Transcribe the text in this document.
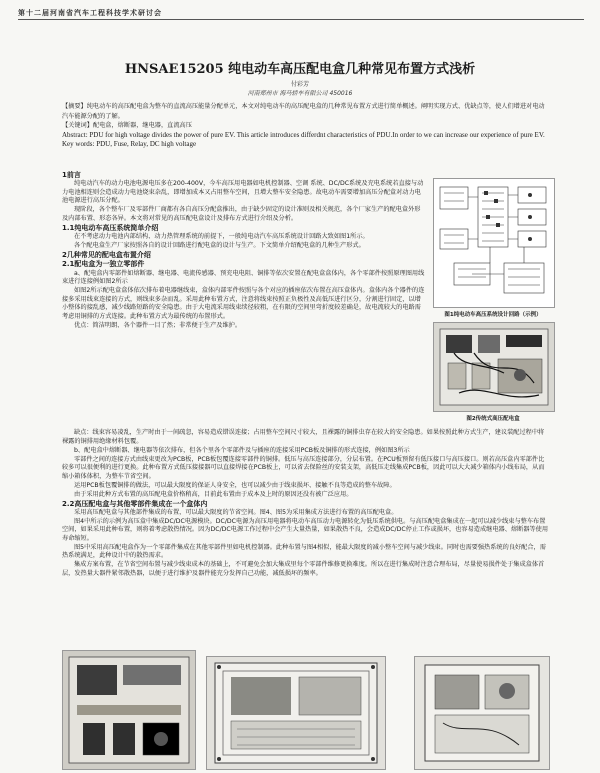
第十二届河南省汽车工程科技学术研讨会
HNSAE15205 纯电动车高压配电盒几种常见布置方式浅析
付彩芳
河南郑州市 海马轿车有限公司 450016

【摘要】纯电动车的高压配电盒为整车的直流高压能量分配单元，本文对纯电动车的高压配电盒的几种常见布置方式进行简单概述。阐明实现方式、优缺点等，使人们增进对电动汽车能源分配的了解。

【关键词】配电盒，熔断器，继电器，直流高压

Abstract: PDU for high voltage divides the power of pure EV. This article introduces differdnt characteristics of PDU.In order to we can increase our experience of pure EV.

Key words: PDU, Fuse, Relay, DC high voltage

1前言

纯电动汽车的动力电池电源电压多在200-400V，今车高压用电器如电机控制器、空调 系统、DC/DC系统及充电系统若直接与动力电池相连则会造成动力电池烧束杂乱，即增加成本又占用整车空间，且增大整车安全隐患。故电动车需要增加高压分配盒对动力电池电源进行高压分配。

现阶段，各个整车厂及零部件厂商都有各自高压分配盒推出，由于缺少固定的设计准则及相关规范，各个厂家生产的配电盒外形及内部布置、形态各异。本文将对常见的高压配电盒设计及排布方式进行介绍及分析。

1.1纯电动车高压系统简单介绍

在不考虑动力电池内部结构、动力热管理系统的前提下，一般纯电动汽车高压系统设计回路大致如图1所示。

各个配电盒生产厂家按照各自的设计回路进行配电盒的设计与生产。下文简单介绍配电盒的几种生产形式。

2几种常见的配电盒布置介绍

2.1配电盒为一独立零部件

a、配电盒内零部件如熔断器、继电器、电流传感器、预充电电阻、铜排等依次安置在配电盒盒体内，各个零部件按照原理图用线束进行连接例如图2所示

如图2所示配电盒盒体依次排布着电器继线束，盒体内部零件按照与各个对应的插座依次布置在高压盒体内。盒体内各个器件的连接多采用线束连接的方式，则线束多杂而乱。采用此种布置方式，注意将线束按照正负极性及高低压进行区分，分割进行固定，以增小整体的接乱感，减少线路短路的安全隐患。由于大电流采用线束续径较粗，在有限的空间里弯折度较差确是，故电流较大的电路需考虑用铜排的方式连接。此种布置方式为最传统的布置形式。

优点：简洁明朗、各个器件一目了然；非常便于生产及维护。

图1纯电动车高压系统设计回路（示例）
图2传统式高压配电盒

缺点：线束容易凌乱，生产时由于一间疏忽，容易造成错误连接；占用整车空间尺寸较大，且裸露的铜排虫存在较大的安全隐患。如果按照此种方式生产，建议装配过程中将裸露的铜排用绝缘材料包覆。

b、配电盒中熔断器、继电器等依次排布，但各个里各个零部件及与插座的连接采用PCB板及铜排的形式连接，例如图3所示

零部件之间的连接方式由线束更改为PCB板，PCB板包覆连接零部件的铜排。低压与高压连接部分，分层布置。在PCU板预留有低压接口与高压接口。则若高压盒内零部件比较多可以很便利的进行更换。此种布置方式低压接接器可以直接焊接在PCB板上，可以省去保险丝的安装支架，高低压走线集成PCB板，因此可以大大减少箱体内小线布局，从而缩小箱体体积，为整车节省空间。

运用PCB板包覆铜排的做法，可以最大限度的保证人身安全，也可以减少由于线束损坏、接触不良等造成的整车故障。

由于采用此种方式布置的高压配电盒价格稍高，目前此布置由于成本及上时的原因还没有被广泛应用。

2.2高压配电盒与其他零部件集成在一个盒体内

采用高压配电盒与其他部件集成的布置，可以最大限度的节省空间。图4、图5为采用集成方法进行布置的高压配电盒。

图4中所示的示例为高压盒中集成DC/DC电源模块。DC/DC电源为高压用电器将电动车高压动力电源转化为低压系统供电。与高压配电盒集成在一起可以减少线束与整车布置空间，如果采用此种布置，则将着考虑散热情况。因为DC/DC电源工作过程中会产生大量热量，如果散热不良，会造成DC/DC停止工作或损坏，也容易造成继电器、熔断器等使用寿命缩短。

图5中采用高压配电盒作为一个零部件集成在其他零部件里如电机控制器。此种布置与图4相似，能最大限度的减小整车空间与减少线束。同时也需要强热系统的良好配合，需热系统满足，此种设计中的散热需求。

集成方案布置，在节省空间布置与减少线束成本的基础上，不可避免会加大集成里每个零部件维修更换难度。所以在进行集成时注意合理布局，尽量使易损件处于集成盒体首层，发热量大器件紧邻散热器，以便于进行维护及器件能充分发挥自己功能，减低损坏的频率。
